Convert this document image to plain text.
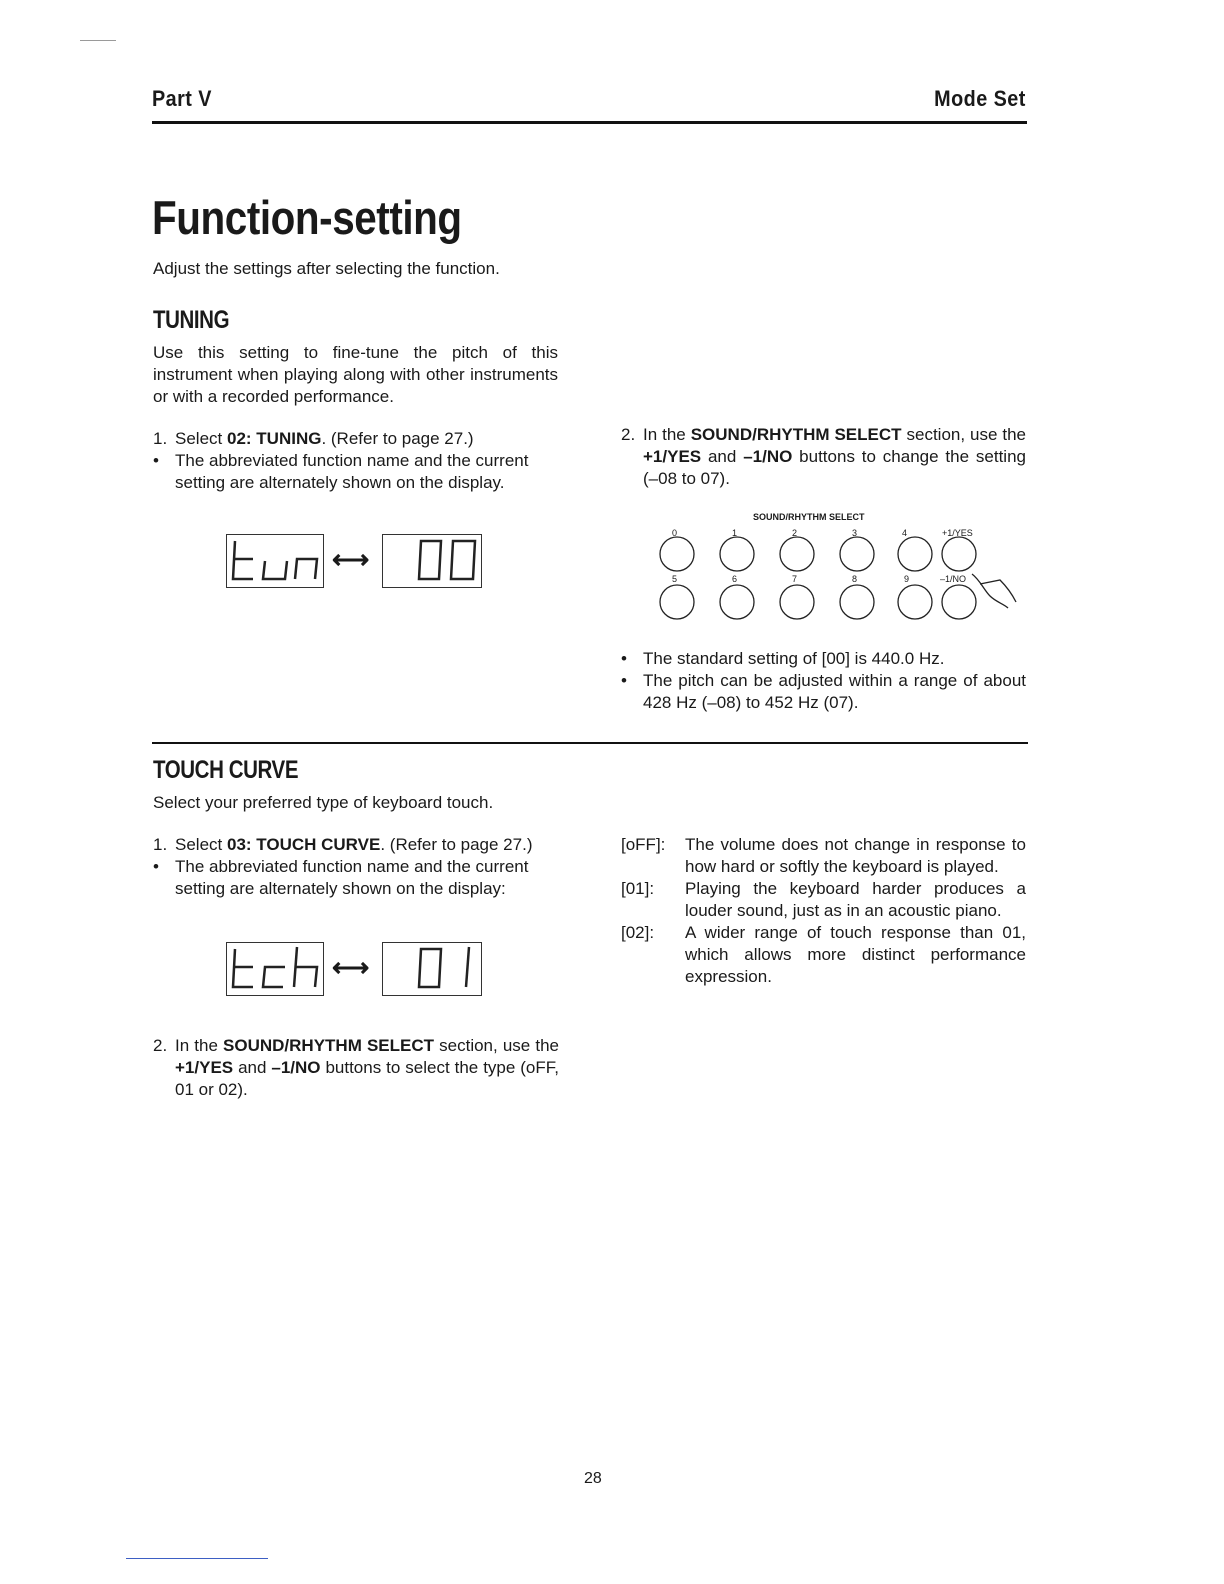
Part V	Mode Set
Function-setting
Adjust the settings after selecting the function.
TUNING
Use this setting to fine-tune the pitch of this instrument when playing along with other instruments or with a recorded performance.
1. Select 02: TUNING. (Refer to page 27.)
• The abbreviated function name and the current setting are alternately shown on the display.
⟷
2. In the SOUND/RHYTHM SELECT section, use the +1/YES and –1/NO buttons to change the setting (–08 to 07).
SOUND/RHYTHM SELECT
0	1	2	3	4	+1/YES
5	6	7	8	9	–1/NO
• The standard setting of [00] is 440.0 Hz.
• The pitch can be adjusted within a range of about 428 Hz (–08) to 452 Hz (07).
TOUCH CURVE
Select your preferred type of keyboard touch.
1. Select 03: TOUCH CURVE. (Refer to page 27.)
• The abbreviated function name and the current setting are alternately shown on the display:
⟷
2. In the SOUND/RHYTHM SELECT section, use the +1/YES and –1/NO buttons to select the type (oFF, 01 or 02).
[oFF]:	The volume does not change in response to how hard or softly the keyboard is played.
[01]:	Playing the keyboard harder produces a louder sound, just as in an acoustic piano.
[02]:	A wider range of touch response than 01, which allows more distinct performance expression.
28
